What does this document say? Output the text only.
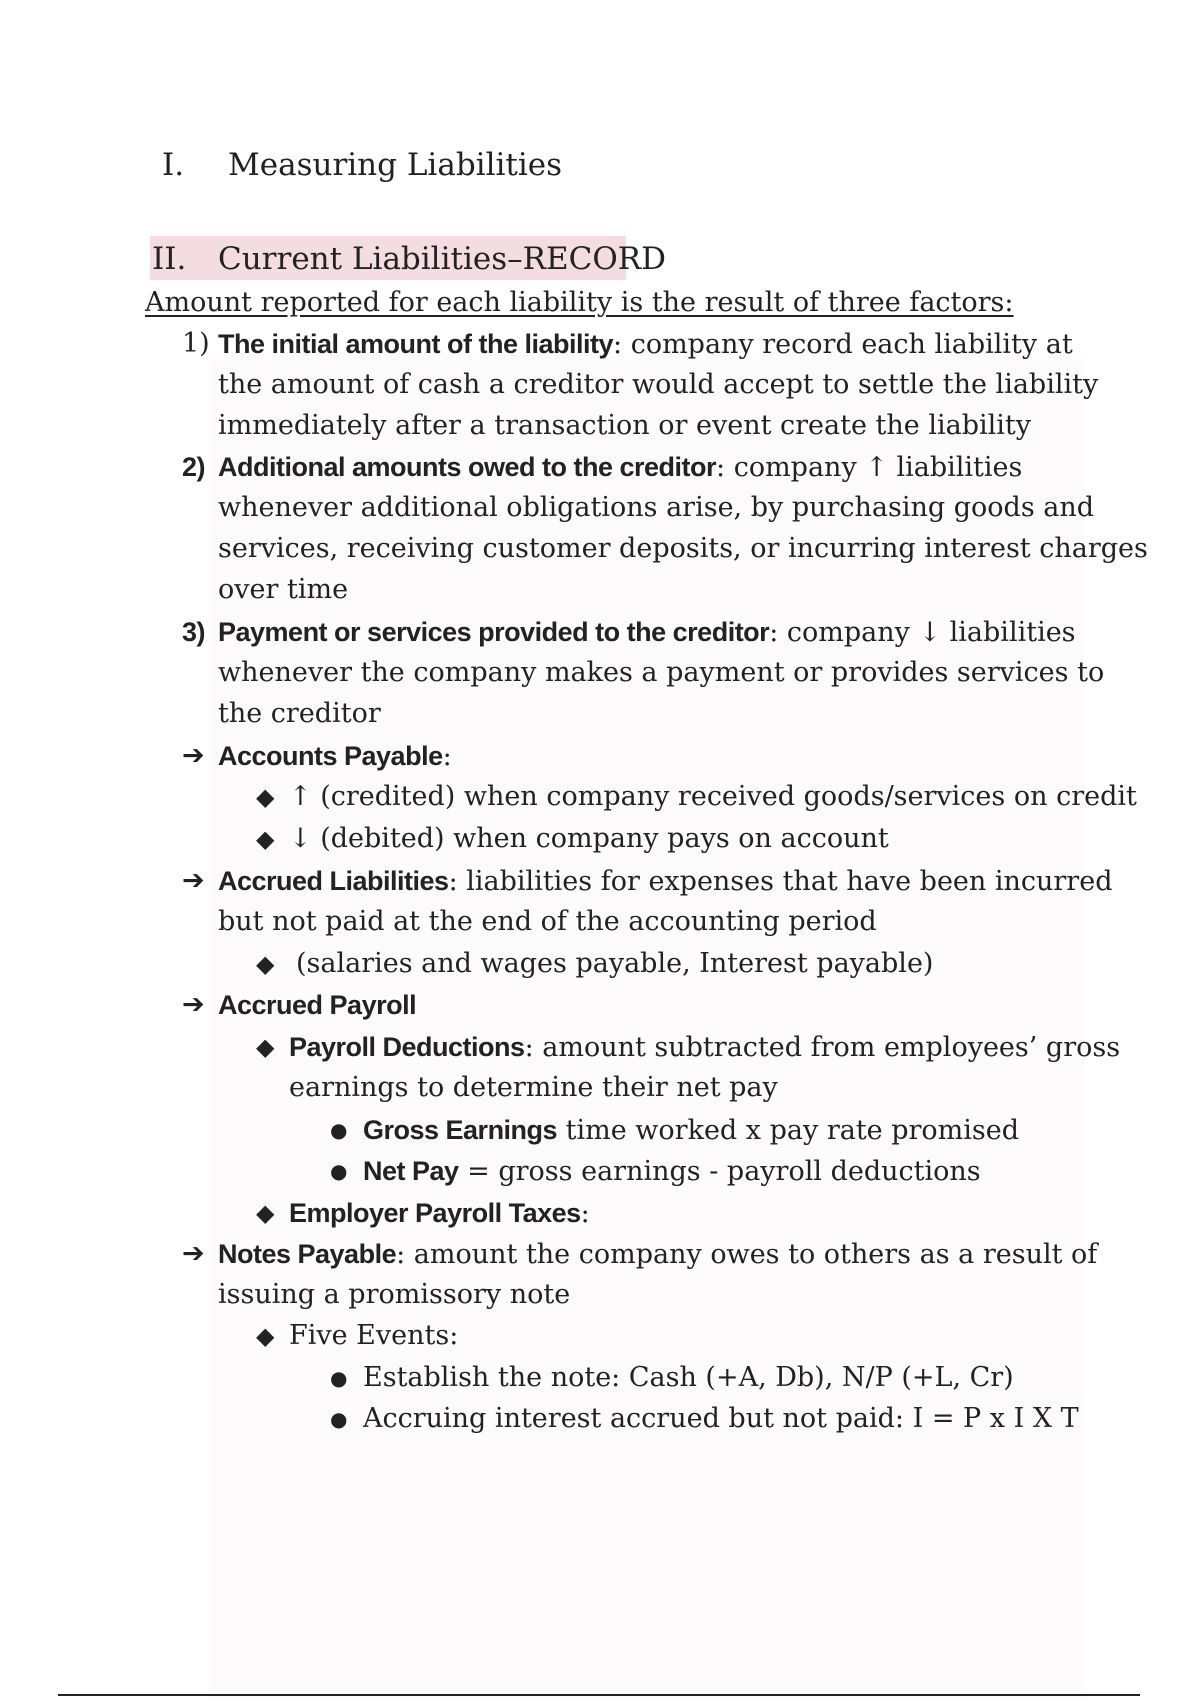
I. Measuring Liabilities
II. Current Liabilities–RECORD
Amount reported for each liability is the result of three factors:
1) The initial amount of the liability: company record each liability at
the amount of cash a creditor would accept to settle the liability
immediately after a transaction or event create the liability
2) Additional amounts owed to the creditor: company ↑ liabilities
whenever additional obligations arise, by purchasing goods and
services, receiving customer deposits, or incurring interest charges
over time
3) Payment or services provided to the creditor: company ↓ liabilities
whenever the company makes a payment or provides services to
the creditor
➔ Accounts Payable:
◆ ↑ (credited) when company received goods/services on credit
◆ ↓ (debited) when company pays on account
➔ Accrued Liabilities: liabilities for expenses that have been incurred
but not paid at the end of the accounting period
◆ (salaries and wages payable, Interest payable)
➔ Accrued Payroll
◆ Payroll Deductions: amount subtracted from employees’ gross
earnings to determine their net pay
● Gross Earnings time worked x pay rate promised
● Net Pay = gross earnings - payroll deductions
◆ Employer Payroll Taxes:
➔ Notes Payable: amount the company owes to others as a result of
issuing a promissory note
◆ Five Events:
● Establish the note: Cash (+A, Db), N/P (+L, Cr)
● Accruing interest accrued but not paid: I = P x I X T
